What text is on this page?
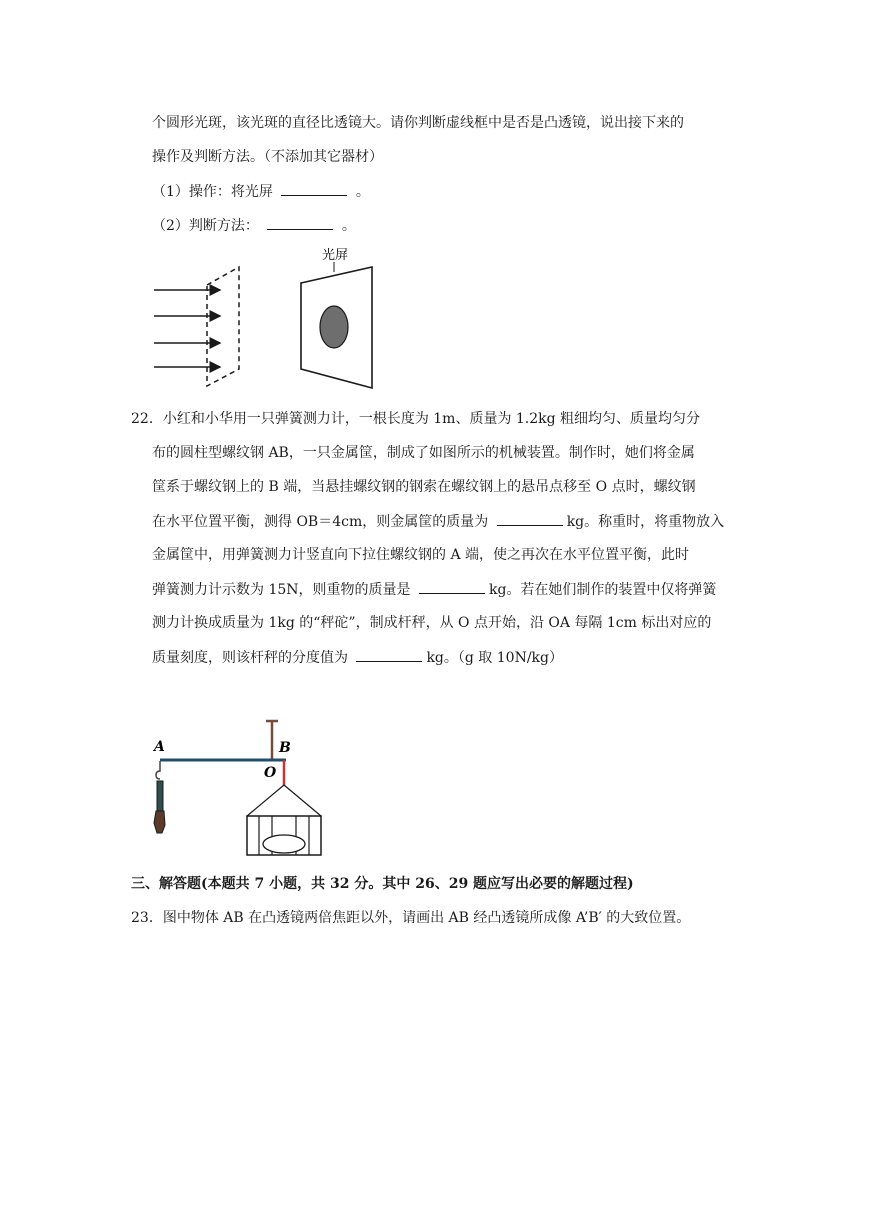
个圆形光斑，该光斑的直径比透镜大。请你判断虚线框中是否是凸透镜，说出接下来的
操作及判断方法。（不添加其它器材）
（1）操作：将光屏	。
（2）判断方法：	。
光屏
22．小红和小华用一只弹簧测力计，一根长度为 1m、质量为 1.2kg 粗细均匀、质量均匀分
布的圆柱型螺纹钢 AB，一只金属筐，制成了如图所示的机械装置。制作时，她们将金属
筐系于螺纹钢上的 B 端，当悬挂螺纹钢的钢索在螺纹钢上的悬吊点移至 O 点时，螺纹钢
在水平位置平衡，测得 OB＝4cm，则金属筐的质量为	kg。称重时，将重物放入
金属筐中，用弹簧测力计竖直向下拉住螺纹钢的 A 端，使之再次在水平位置平衡，此时
弹簧测力计示数为 15N，则重物的质量是	kg。若在她们制作的装置中仅将弹簧
测力计换成质量为 1kg 的“秤砣”，制成杆秤，从 O 点开始，沿 OA 每隔 1cm 标出对应的
质量刻度，则该杆秤的分度值为	kg。（g 取 10N/kg）
A	B
O
三、解答题(本题共 7 小题，共 32 分。其中 26、29 题应写出必要的解题过程)
23．图中物体 AB 在凸透镜两倍焦距以外，请画出 AB 经凸透镜所成像 A’B′ 的大致位置。
